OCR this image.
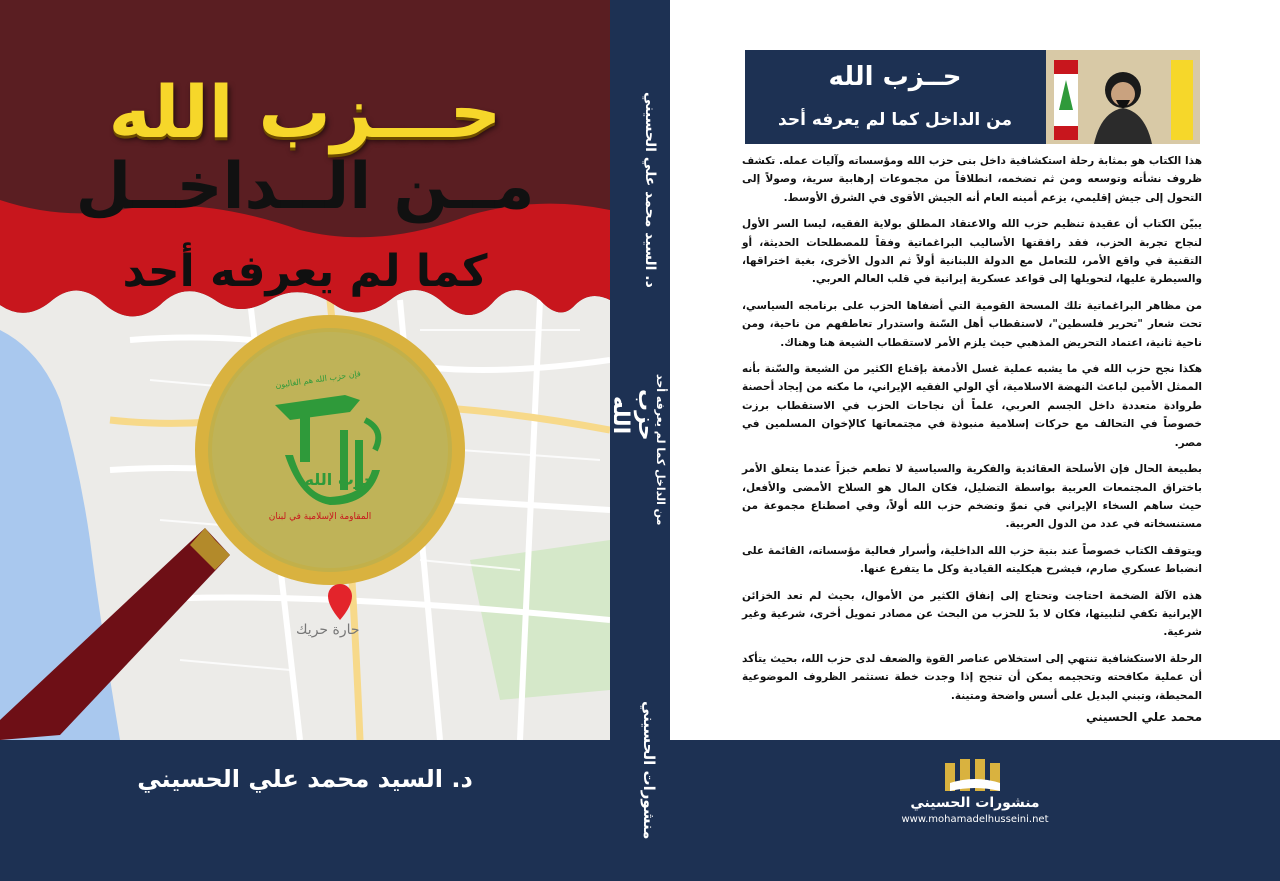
حـــزب الله
مــن الــداخــل
كما لم يعرفه أحد
فإن حزب الله هم الغالبون
حزب الله
المقاومة الإسلامية في لبنان
حارة حريك
د. السيد محمد علي الحسيني
د. السيد محمد علي الحسيني
حزب الله	من الداخل كما لم يعرفه أحد
منشورات الحسيني
حــزب الله
من الداخل كما لم يعرفه أحد

هذا الكتاب هو بمثابة رحلة استكشافية داخل بنى حزب الله ومؤسساته وآليات عمله. تكشف ظروف نشأته وتوسعه ومن ثم تضخمه، انطلاقاً من مجموعات إرهابية سرية، وصولاً إلى التحول إلى جيش إقليمي، يزعم أمينه العام أنه الجيش الأقوى في الشرق الأوسط.

يبيّن الكتاب أن عقيدة تنظيم حزب الله والاعتقاد المطلق بولاية الفقيه، ليسا السر الأول لنجاح تجربة الحزب، فقد رافقتها الأساليب البراغماتية وفقاً للمصطلحات الحديثة، أو التقنية في واقع الأمر، للتعامل مع الدولة اللبنانية أولاً ثم الدول الأخرى، بغية اختراقها، والسيطرة عليها، لتحويلها إلى قواعد عسكرية إيرانية في قلب العالم العربي.

من مظاهر البراغماتية تلك المسحة القومية التي أضفاها الحزب على برنامجه السياسي، تحت شعار "تحرير فلسطين"، لاستقطاب أهل السّنة واستدرار تعاطفهم من ناحية، ومن ناحية ثانية، اعتماد التحريض المذهبي حيث يلزم الأمر لاستقطاب الشيعة هنا وهناك.

هكذا نجح حزب الله في ما يشبه عملية غسل الأدمغة بإقناع الكثير من الشيعة والسّنة بأنه الممثل الأمين لباعث النهضة الاسلامية، أي الولي الفقيه الإيراني، ما مكنه من إيجاد أحصنة طروادة متعددة داخل الجسم العربي، علماً أن نجاحات الحزب في الاستقطاب برزت خصوصاً في التحالف مع حركات إسلامية منبوذة في مجتمعاتها كالإخوان المسلمين في مصر.

بطبيعة الحال فإن الأسلحة العقائدية والفكرية والسياسية لا تطعم خبزاً عندما يتعلق الأمر باختراق المجتمعات العربية بواسطة التضليل، فكان المال هو السلاح الأمضى والأفعل، حيث ساهم السخاء الإيراني في نموّ وتضخم حزب الله أولاً، وفي اصطناع مجموعة من مستنسخاته في عدد من الدول العربية.

ويتوقف الكتاب خصوصاً عند بنية حزب الله الداخلية، وأسرار فعالية مؤسساته، القائمة على انضباط عسكري صارم، فيشرح هيكليته القيادية وكل ما يتفرع عنها.

هذه الآلة الضخمة احتاجت وتحتاج إلى إنفاق الكثير من الأموال، بحيث لم تعد الخزائن الإيرانية تكفي لتلبيتها، فكان لا بدّ للحزب من البحث عن مصادر تمويل أخرى، شرعية وغير شرعية.

الرحلة الاستكشافية تنتهي إلى استخلاص عناصر القوة والضعف لدى حزب الله، بحيث يتأكد أن عملية مكافحته وتحجيمه يمكن أن تنجح إذا وجدت خطة تستثمر الظروف الموضوعية المحيطة، وتبني البديل على أسس واضحة ومتينة.

محمد علي الحسيني
منشورات الحسيني
www.mohamadelhusseini.net
